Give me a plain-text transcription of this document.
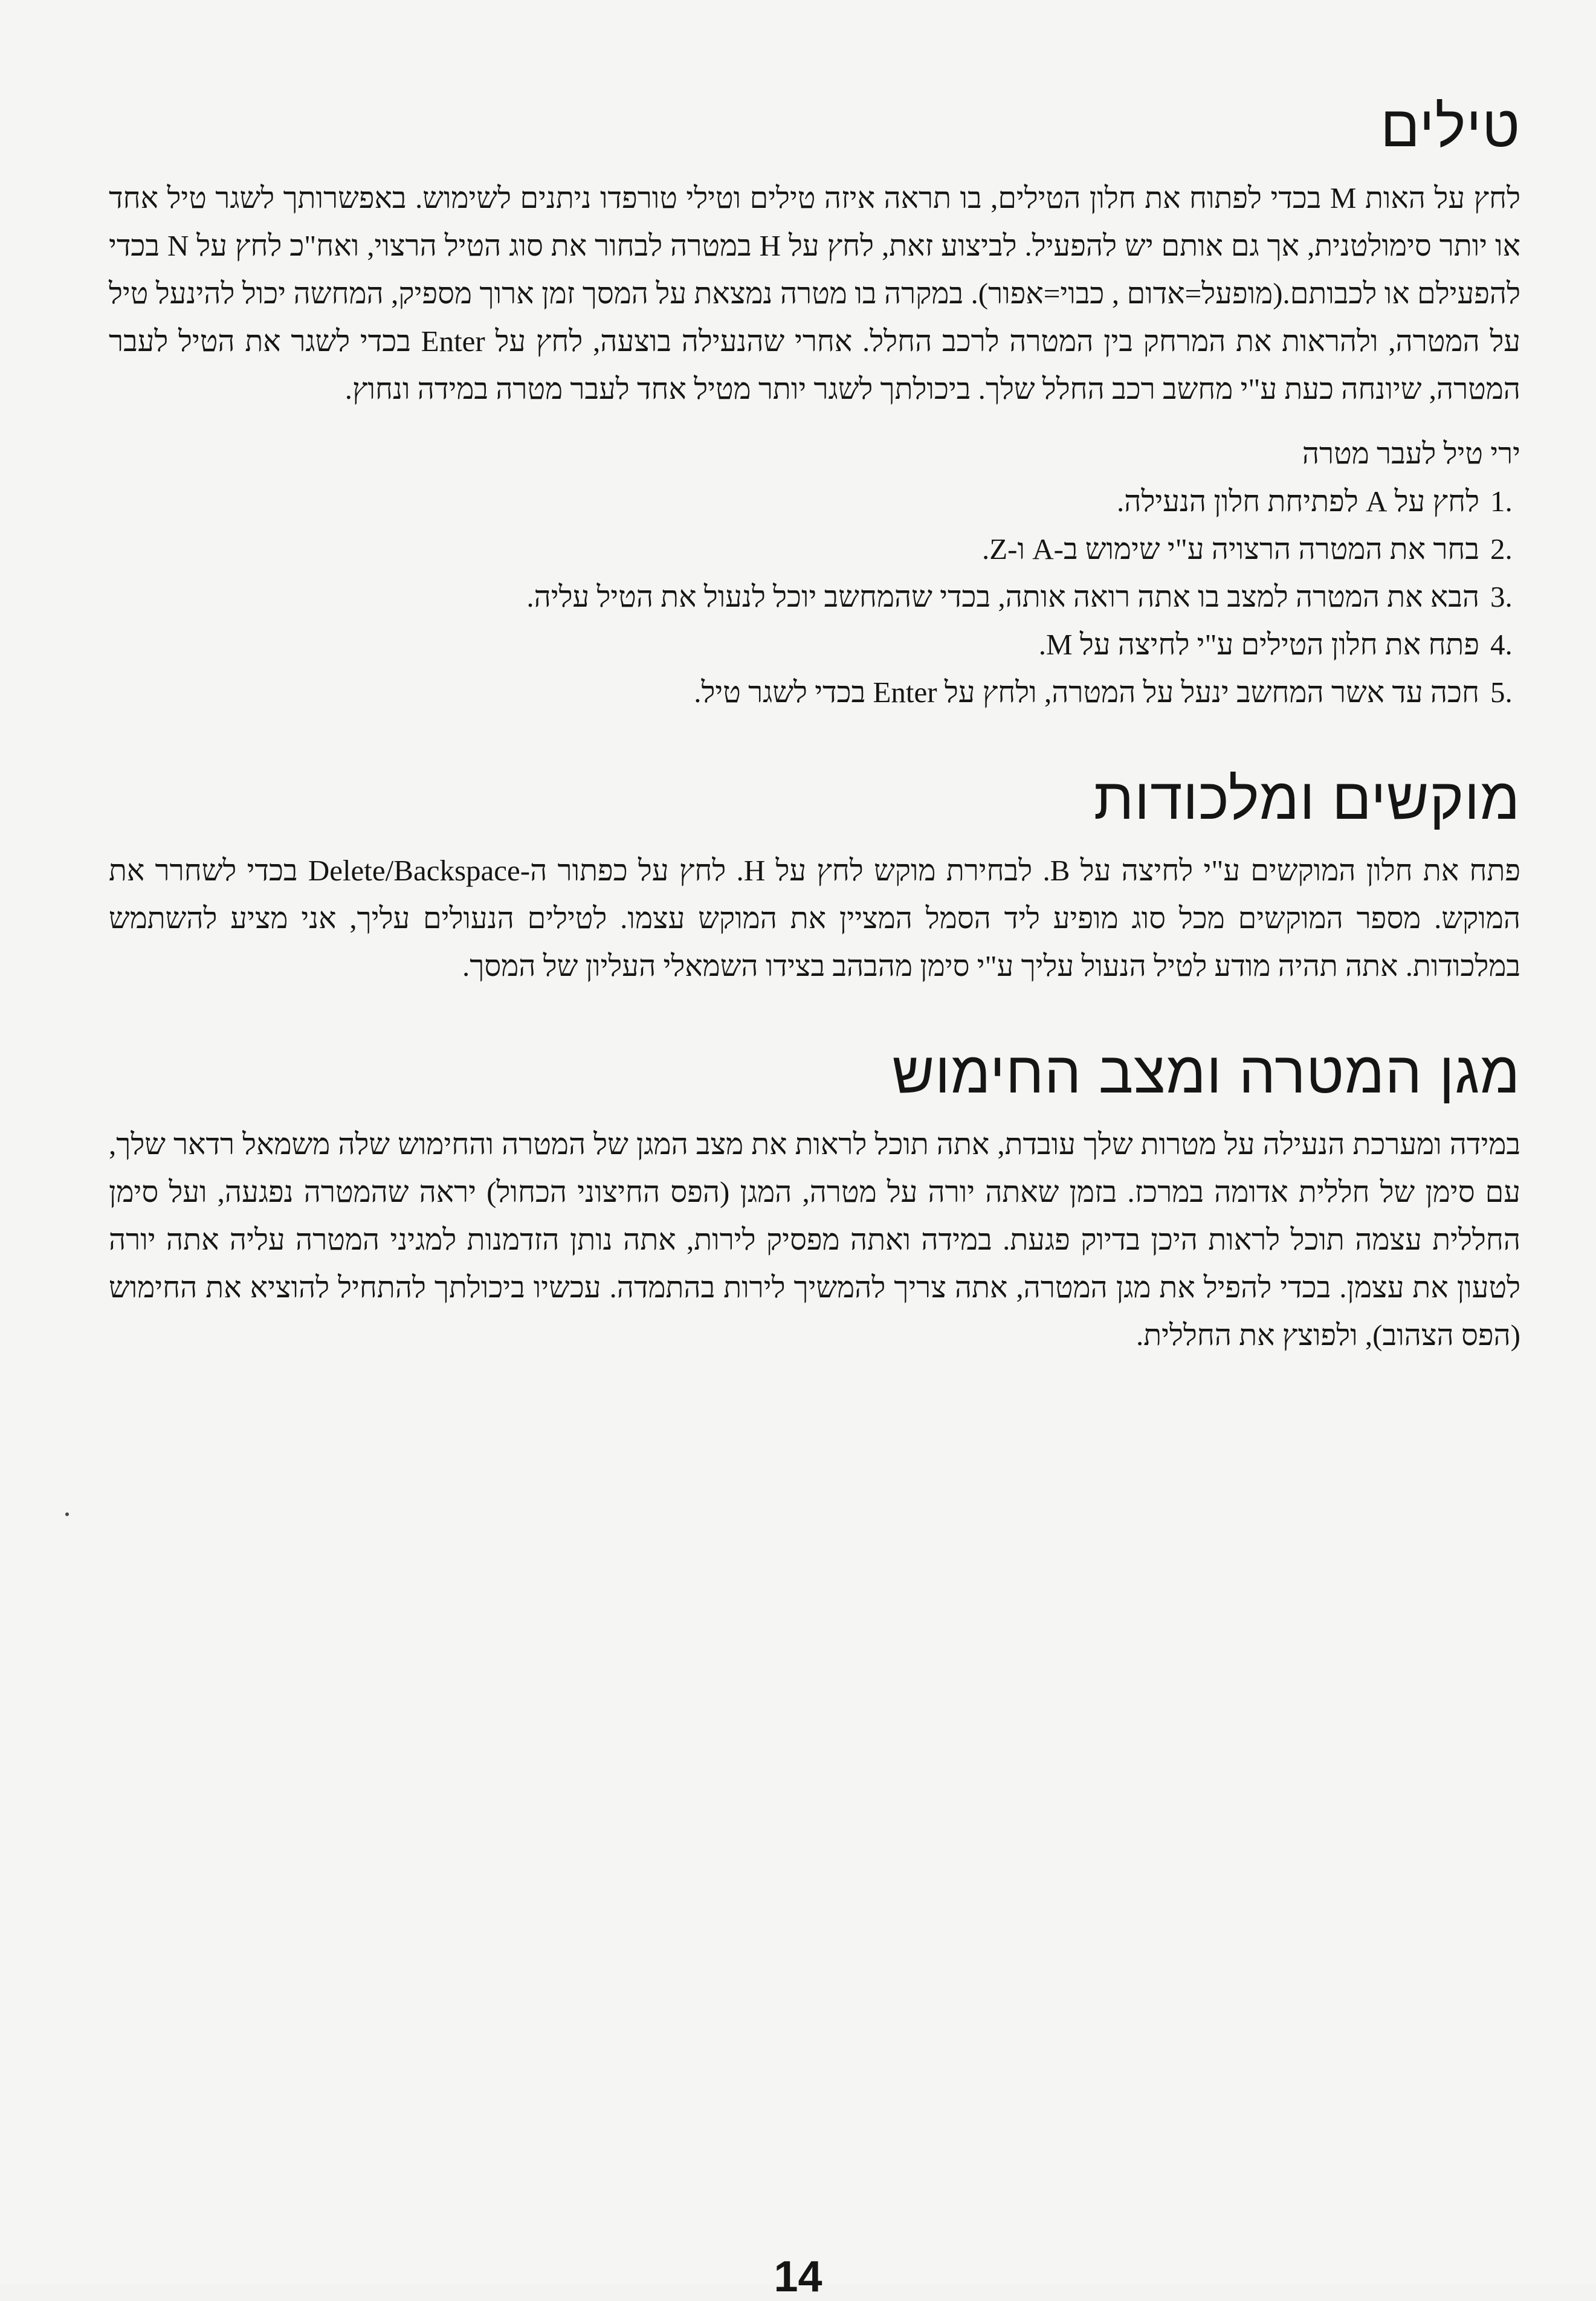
טילים

לחץ על האות M בכדי לפתוח את חלון הטילים, בו תראה איזה טילים וטילי טורפדו ניתנים לשימוש. באפשרותך לשגר טיל אחד או יותר סימולטנית, אך גם אותם יש להפעיל. לביצוע זאת, לחץ על H במטרה לבחור את סוג הטיל הרצוי, ואח"כ לחץ על N בכדי להפעילם או לכבותם.(מופעל=אדום , כבוי=אפור). במקרה בו מטרה נמצאת על המסך זמן ארוך מספיק, המחשה יכול להינעל טיל על המטרה, ולהראות את המרחק בין המטרה לרכב החלל. אחרי שהנעילה בוצעה, לחץ על Enter בכדי לשגר את הטיל לעבר המטרה, שיונחה כעת ע"י מחשב רכב החלל שלך. ביכולתך לשגר יותר מטיל אחד לעבר מטרה במידה ונחוץ.

ירי טיל לעבר מטרה

1.
לחץ על A לפתיחת חלון הנעילה.
2.
בחר את המטרה הרצויה ע"י שימוש ב-A ו-Z.
3.
הבא את המטרה למצב בו אתה רואה אותה, בכדי שהמחשב יוכל לנעול את הטיל עליה.
4.
פתח את חלון הטילים ע"י לחיצה על M.
5.
חכה עד אשר המחשב ינעל על המטרה, ולחץ על Enter בכדי לשגר טיל.
מוקשים ומלכודות

פתח את חלון המוקשים ע"י לחיצה על B. לבחירת מוקש לחץ על H. לחץ על כפתור ה-Delete/Backspace בכדי לשחרר את המוקש. מספר המוקשים מכל סוג מופיע ליד הסמל המציין את המוקש עצמו. לטילים הנעולים עליך, אני מציע להשתמש במלכודות. אתה תהיה מודע לטיל הנעול עליך ע"י סימן מהבהב בצידו השמאלי העליון של המסך.

מגן המטרה ומצב החימוש

במידה ומערכת הנעילה על מטרות שלך עובדת, אתה תוכל לראות את מצב המגן של המטרה והחימוש שלה משמאל רדאר שלך, עם סימן של חללית אדומה במרכז. בזמן שאתה יורה על מטרה, המגן (הפס החיצוני הכחול) יראה שהמטרה נפגעה, ועל סימן החללית עצמה תוכל לראות היכן בדיוק פגעת. במידה ואתה מפסיק לירות, אתה נותן הזדמנות למגיני המטרה עליה אתה יורה לטעון את עצמן. בכדי להפיל את מגן המטרה, אתה צריך להמשיך לירות בהתמדה. עכשיו ביכולתך להתחיל להוציא את החימוש (הפס הצהוב), ולפוצץ את החללית.

14
